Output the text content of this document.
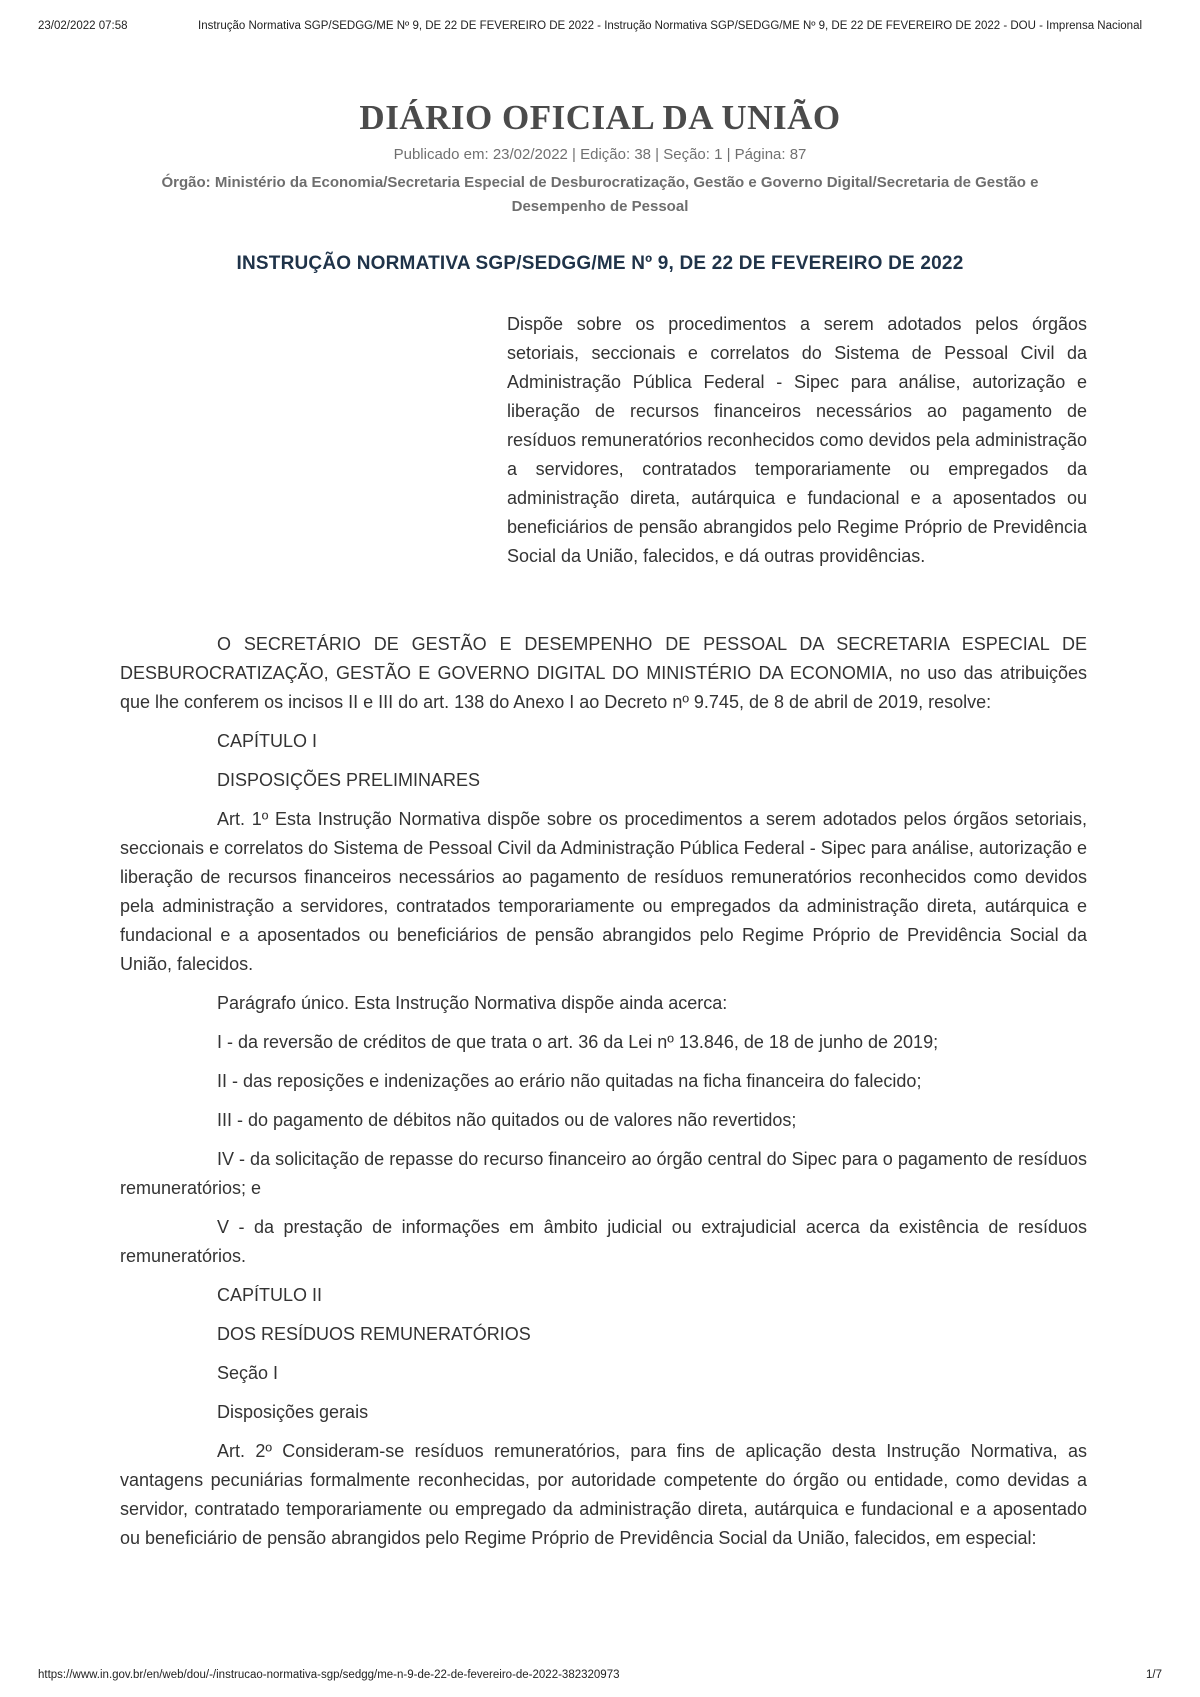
23/02/2022 07:58	Instrução Normativa SGP/SEDGG/ME Nº 9, DE 22 DE FEVEREIRO DE 2022 - Instrução Normativa SGP/SEDGG/ME Nº 9, DE 22 DE FEVEREIRO DE 2022 - DOU - Imprensa Nacional
DIÁRIO OFICIAL DA UNIÃO
Publicado em: 23/02/2022 | Edição: 38 | Seção: 1 | Página: 87
Órgão: Ministério da Economia/Secretaria Especial de Desburocratização, Gestão e Governo Digital/Secretaria de Gestão e Desempenho de Pessoal
INSTRUÇÃO NORMATIVA SGP/SEDGG/ME Nº 9, DE 22 DE FEVEREIRO DE 2022
Dispõe sobre os procedimentos a serem adotados pelos órgãos setoriais, seccionais e correlatos do Sistema de Pessoal Civil da Administração Pública Federal - Sipec para análise, autorização e liberação de recursos financeiros necessários ao pagamento de resíduos remuneratórios reconhecidos como devidos pela administração a servidores, contratados temporariamente ou empregados da administração direta, autárquica e fundacional e a aposentados ou beneficiários de pensão abrangidos pelo Regime Próprio de Previdência Social da União, falecidos, e dá outras providências.

O SECRETÁRIO DE GESTÃO E DESEMPENHO DE PESSOAL DA SECRETARIA ESPECIAL DE DESBUROCRATIZAÇÃO, GESTÃO E GOVERNO DIGITAL DO MINISTÉRIO DA ECONOMIA, no uso das atribuições que lhe conferem os incisos II e III do art. 138 do Anexo I ao Decreto nº 9.745, de 8 de abril de 2019, resolve:

CAPÍTULO I

DISPOSIÇÕES PRELIMINARES

Art. 1º Esta Instrução Normativa dispõe sobre os procedimentos a serem adotados pelos órgãos setoriais, seccionais e correlatos do Sistema de Pessoal Civil da Administração Pública Federal - Sipec para análise, autorização e liberação de recursos financeiros necessários ao pagamento de resíduos remuneratórios reconhecidos como devidos pela administração a servidores, contratados temporariamente ou empregados da administração direta, autárquica e fundacional e a aposentados ou beneficiários de pensão abrangidos pelo Regime Próprio de Previdência Social da União, falecidos.

Parágrafo único. Esta Instrução Normativa dispõe ainda acerca:

I - da reversão de créditos de que trata o art. 36 da Lei nº 13.846, de 18 de junho de 2019;

II - das reposições e indenizações ao erário não quitadas na ficha financeira do falecido;

III - do pagamento de débitos não quitados ou de valores não revertidos;

IV - da solicitação de repasse do recurso financeiro ao órgão central do Sipec para o pagamento de resíduos remuneratórios; e

V - da prestação de informações em âmbito judicial ou extrajudicial acerca da existência de resíduos remuneratórios.

CAPÍTULO II

DOS RESÍDUOS REMUNERATÓRIOS

Seção I

Disposições gerais

Art. 2º Consideram-se resíduos remuneratórios, para fins de aplicação desta Instrução Normativa, as vantagens pecuniárias formalmente reconhecidas, por autoridade competente do órgão ou entidade, como devidas a servidor, contratado temporariamente ou empregado da administração direta, autárquica e fundacional e a aposentado ou beneficiário de pensão abrangidos pelo Regime Próprio de Previdência Social da União, falecidos, em especial:

https://www.in.gov.br/en/web/dou/-/instrucao-normativa-sgp/sedgg/me-n-9-de-22-de-fevereiro-de-2022-382320973	1/7
